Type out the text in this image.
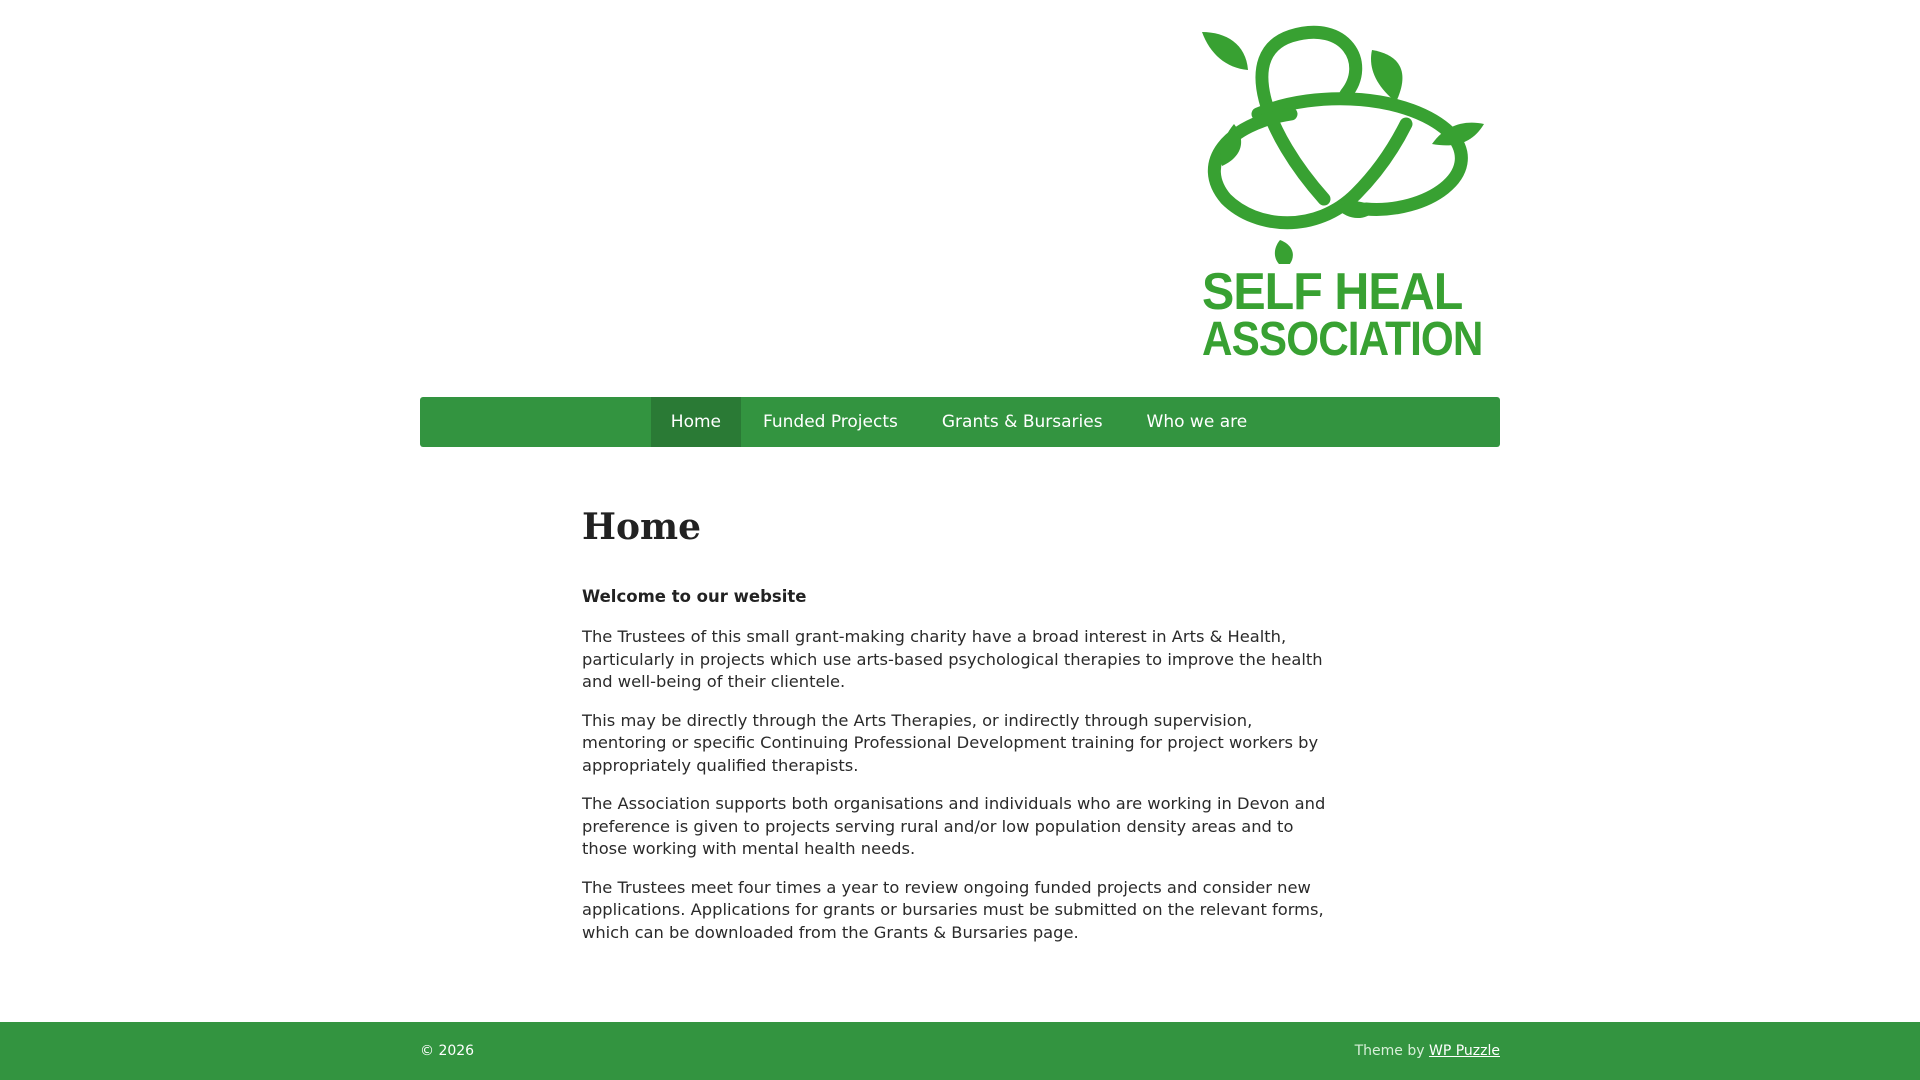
SELF HEAL
ASSOCIATION
Home	Funded Projects	Grants & Bursaries	Who we are
Home

Welcome to our website

The Trustees of this small grant-making charity have a broad interest in Arts & Health, particularly in projects which use arts-based psychological therapies to improve the health and well-being of their clientele.

This may be directly through the Arts Therapies, or indirectly through supervision, mentoring or specific Continuing Professional Development training for project workers by appropriately qualified therapists.

The Association supports both organisations and individuals who are working in Devon and preference is given to projects serving rural and/or low population density areas and to those working with mental health needs.

The Trustees meet four times a year to review ongoing funded projects and consider new applications. Applications for grants or bursaries must be submitted on the relevant forms, which can be downloaded from the Grants & Bursaries page.

© 2026	Theme by WP Puzzle
